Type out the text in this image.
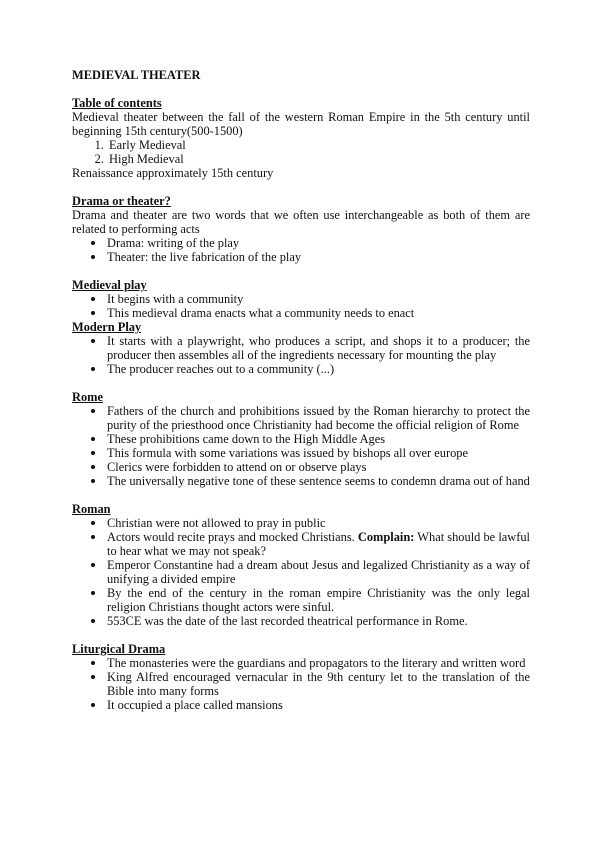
MEDIEVAL THEATER

Table of contents

Medieval theater between the fall of the western Roman Empire in the 5th century until beginning 15th century(500-1500)

1. Early Medieval
2. High Medieval

Renaissance approximately 15th century

Drama or theater?

Drama and theater are two words that we often use interchangeable as both of them are related to performing acts

Drama: writing of the play
Theater: the live fabrication of the play

Medieval play

It begins with a community
This medieval drama enacts what a community needs to enact

Modern Play

It starts with a playwright, who produces a script, and shops it to a producer; the producer then assembles all of the ingredients necessary for mounting the play
The producer reaches out to a community (...)

Rome

Fathers of the church and prohibitions issued by the Roman hierarchy to protect the purity of the priesthood once Christianity had become the official religion of Rome
These prohibitions came down to the High Middle Ages
This formula with some variations was issued by bishops all over europe
Clerics were forbidden to attend on or observe plays
The universally negative tone of these sentence seems to condemn drama out of hand

Roman

Christian were not allowed to pray in public
Actors would recite prays and mocked Christians. Complain: What should be lawful to hear what we may not speak?
Emperor Constantine had a dream about Jesus and legalized Christianity as a way of unifying a divided empire
By the end of the century in the roman empire Christianity was the only legal religion Christians thought actors were sinful.
553CE was the date of the last recorded theatrical performance in Rome.

Liturgical Drama

The monasteries were the guardians and propagators to the literary and written word
King Alfred encouraged vernacular in the 9th century let to the translation of the Bible into many forms
It occupied a place called mansions
